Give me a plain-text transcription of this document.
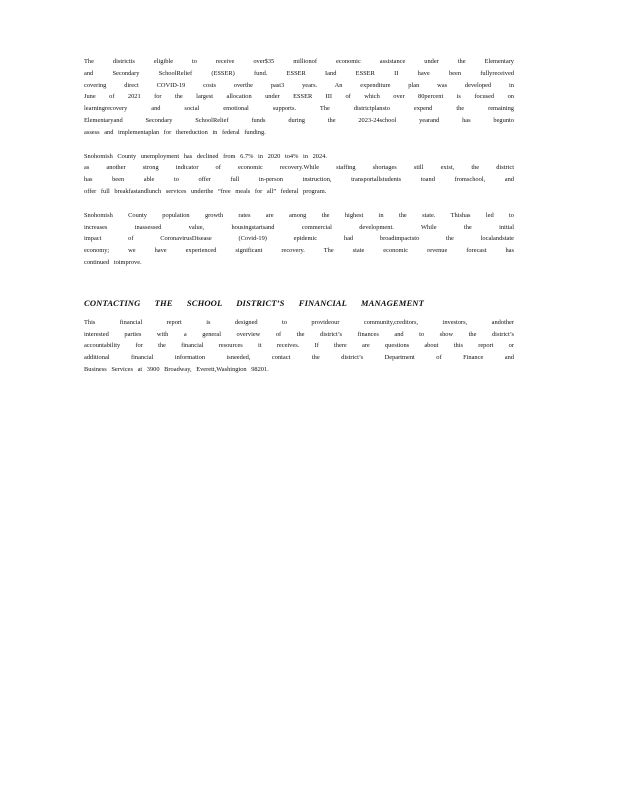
The districtis eligible to receive over$35 millionof economic assistance under the Elementary
and Secondary SchoolRelief (ESSER) fund. ESSER Iand ESSER II have been fullyreceived
covering direct COVID-19 costs overthe past3 years. An expenditure plan was developed in
June of 2021 for the largest allocation under ESSER III of which over 80percent is focused on
learningrecovery and social emotional supports. The districtplansto expend the remaining
Elementaryand Secondary SchoolRelief funds during the 2023-24school yearand has begunto
assess and implementaplan for thereduction in federal funding.
Snohomish County unemployment has declined from 6.7% in 2020 to4% in 2024.
as another strong indicator of economic recovery.While staffing shortages still exist, the district
has been able to offer full in-person instruction, transportallstudents toand fromschool, and
offer full breakfastandlunch services underthe “free meals for all” federal program.
Snohomish County population growth rates are among the highest in the state. Thishas led to
increases inassessed value, housingstartsand commercial development. While the initial
impact of CoronavirusDisease (Covid-19) epidemic had broadimpactsto the localandstate
economy; we have experienced significant recovery. The state economic revenue forecast has
continued toimprove.
CONTACTING THE SCHOOL DISTRICT’S FINANCIAL MANAGEMENT
This financial report is designed to provideour community,creditors, investors, andother
interested parties with a general overview of the district’s finances and to show the district’s
accountability for the financial resources it receives. If there are questions about this report or
additional financial information isneeded, contact the district’s Department of Finance and
Business Services at 3900 Broadway, Everett,Washington 98201.
